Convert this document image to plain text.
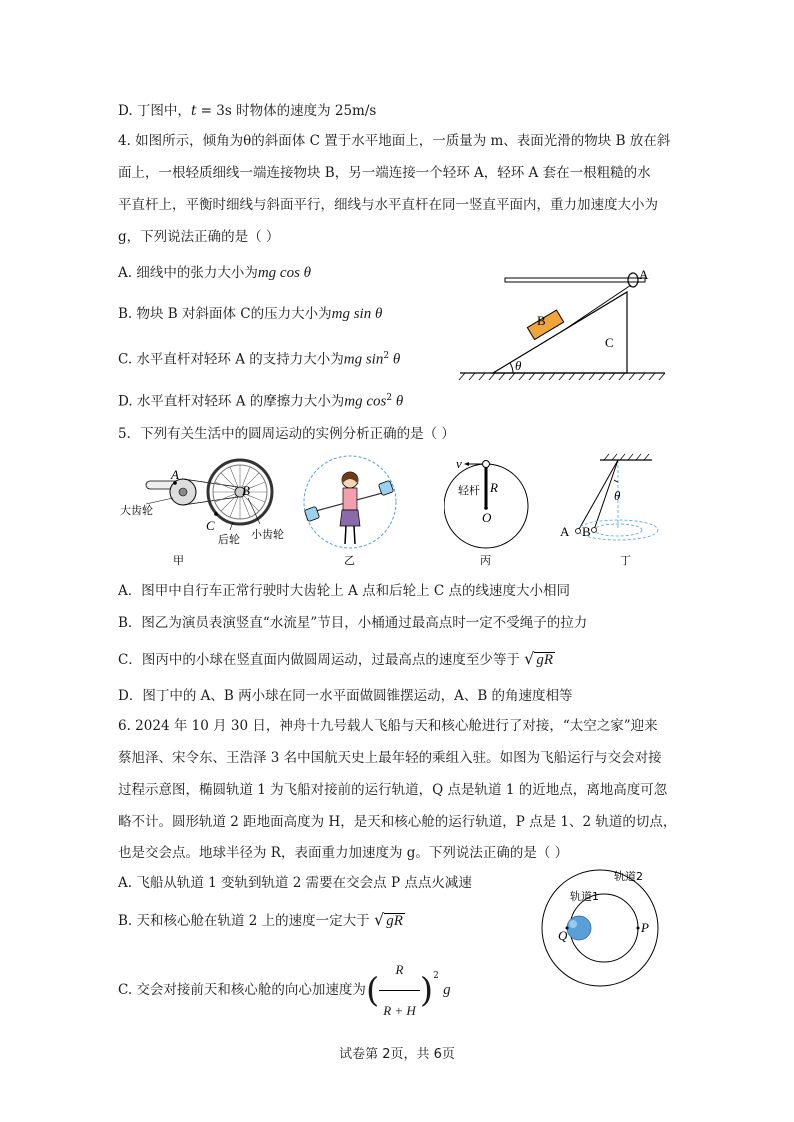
D. 丁图中，t = 3s 时物体的速度为 25m/s
4. 如图所示，倾角为θ的斜面体 C 置于水平地面上，一质量为 m、表面光滑的物块 B 放在斜
面上，一根轻质细线一端连接物块 B，另一端连接一个轻环 A，轻环 A 套在一根粗糙的水
平直杆上，平衡时细线与斜面平行，细线与水平直杆在同一竖直平面内，重力加速度大小为
g，下列说法正确的是（ ）
A. 细线中的张力大小为mg cos θ
B. 物块 B 对斜面体 C的压力大小为mg sin θ
C. 水平直杆对轻环 A 的支持力大小为mg $\sin^2 \theta$
D. 水平直杆对轻环 A 的摩擦力大小为mg $\cos^2 \theta$
A
C
B
θ
5．下列有关生活中的圆周运动的实例分析正确的是（ ）
A
B
C
大齿轮
后轮 小齿轮
甲	乙
v
轻杆 R
O
丙
θ
A B
丁
A．图甲中自行车正常行驶时大齿轮上 A 点和后轮上 C 点的线速度大小相同
B．图乙为演员表演竖直“水流星”节目，小桶通过最高点时一定不受绳子的拉力
C．图丙中的小球在竖直面内做圆周运动，过最高点的速度至少等于 √ gR
D．图丁中的 A、B 两小球在同一水平面做圆锥摆运动，A、B 的角速度相等
6. 2024 年 10 月 30 日，神舟十九号载人飞船与天和核心舱进行了对接，“太空之家”迎来
蔡旭泽、宋令东、王浩泽 3 名中国航天史上最年轻的乘组入驻。如图为飞船运行与交会对接
过程示意图，椭圆轨道 1 为飞船对接前的运行轨道，Q 点是轨道 1 的近地点，离地高度可忽
略不计。圆形轨道 2 距地面高度为 H，是天和核心舱的运行轨道，P 点是 1、2 轨道的切点，
也是交会点。地球半径为 R，表面重力加速度为 g。下列说法正确的是（ ）
A. 飞船从轨道 1 变轨到轨道 2 需要在交会点 P 点点火减速
B. 天和核心舱在轨道 2 上的速度一定大于 √ gR
C. 交会对接前天和核心舱的向心加速度为( $\frac{R}{R + H} )^2$ g
Q
P
轨道1
轨道2
试卷第 2页，共 6页
